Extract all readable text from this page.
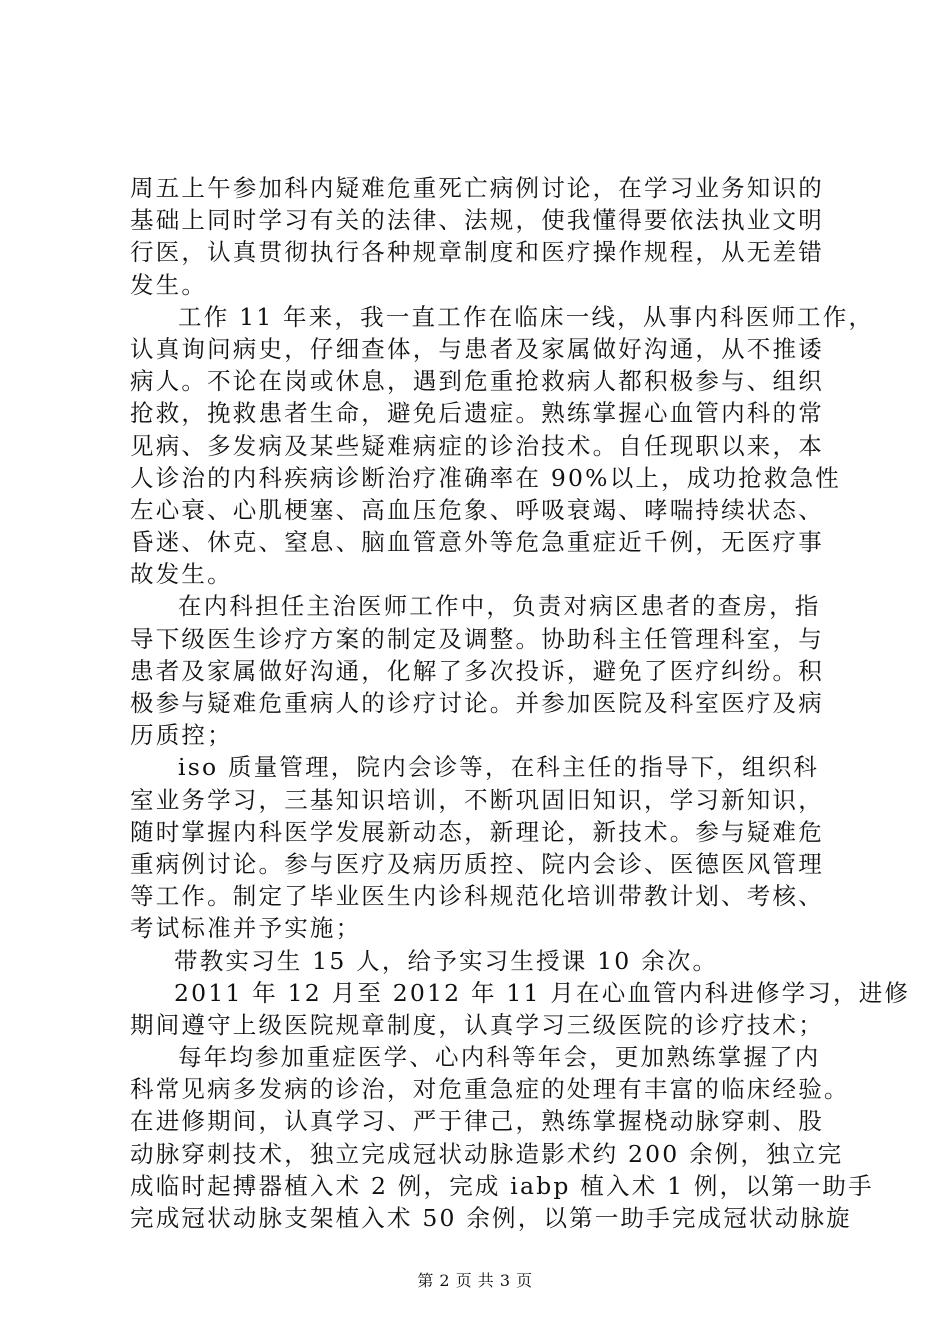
周五上午参加科内疑难危重死亡病例讨论，在学习业务知识的
基础上同时学习有关的法律、法规，使我懂得要依法执业文明
行医，认真贯彻执行各种规章制度和医疗操作规程，从无差错
发生。
工作 11 年来，我一直工作在临床一线，从事内科医师工作，
认真询问病史，仔细查体，与患者及家属做好沟通，从不推诿
病人。不论在岗或休息，遇到危重抢救病人都积极参与、组织
抢救，挽救患者生命，避免后遗症。熟练掌握心血管内科的常
见病、多发病及某些疑难病症的诊治技术。自任现职以来，本
人诊治的内科疾病诊断治疗准确率在 90%以上，成功抢救急性
左心衰、心肌梗塞、高血压危象、呼吸衰竭、哮喘持续状态、
昏迷、休克、窒息、脑血管意外等危急重症近千例，无医疗事
故发生。
在内科担任主治医师工作中，负责对病区患者的查房，指
导下级医生诊疗方案的制定及调整。协助科主任管理科室，与
患者及家属做好沟通，化解了多次投诉，避免了医疗纠纷。积
极参与疑难危重病人的诊疗讨论。并参加医院及科室医疗及病
历质控；
iso 质量管理，院内会诊等，在科主任的指导下，组织科
室业务学习，三基知识培训，不断巩固旧知识，学习新知识，
随时掌握内科医学发展新动态，新理论，新技术。参与疑难危
重病例讨论。参与医疗及病历质控、院内会诊、医德医风管理
等工作。制定了毕业医生内诊科规范化培训带教计划、考核、
考试标准并予实施；
带教实习生 15 人，给予实习生授课 10 余次。
2011 年 12 月至 2012 年 11 月在心血管内科进修学习，进修
期间遵守上级医院规章制度，认真学习三级医院的诊疗技术；
每年均参加重症医学、心内科等年会，更加熟练掌握了内
科常见病多发病的诊治，对危重急症的处理有丰富的临床经验。
在进修期间，认真学习、严于律己，熟练掌握桡动脉穿刺、股
动脉穿刺技术，独立完成冠状动脉造影术约 200 余例，独立完
成临时起搏器植入术 2 例，完成 iabp 植入术 1 例，以第一助手
完成冠状动脉支架植入术 50 余例，以第一助手完成冠状动脉旋
第 2 页 共 3 页
